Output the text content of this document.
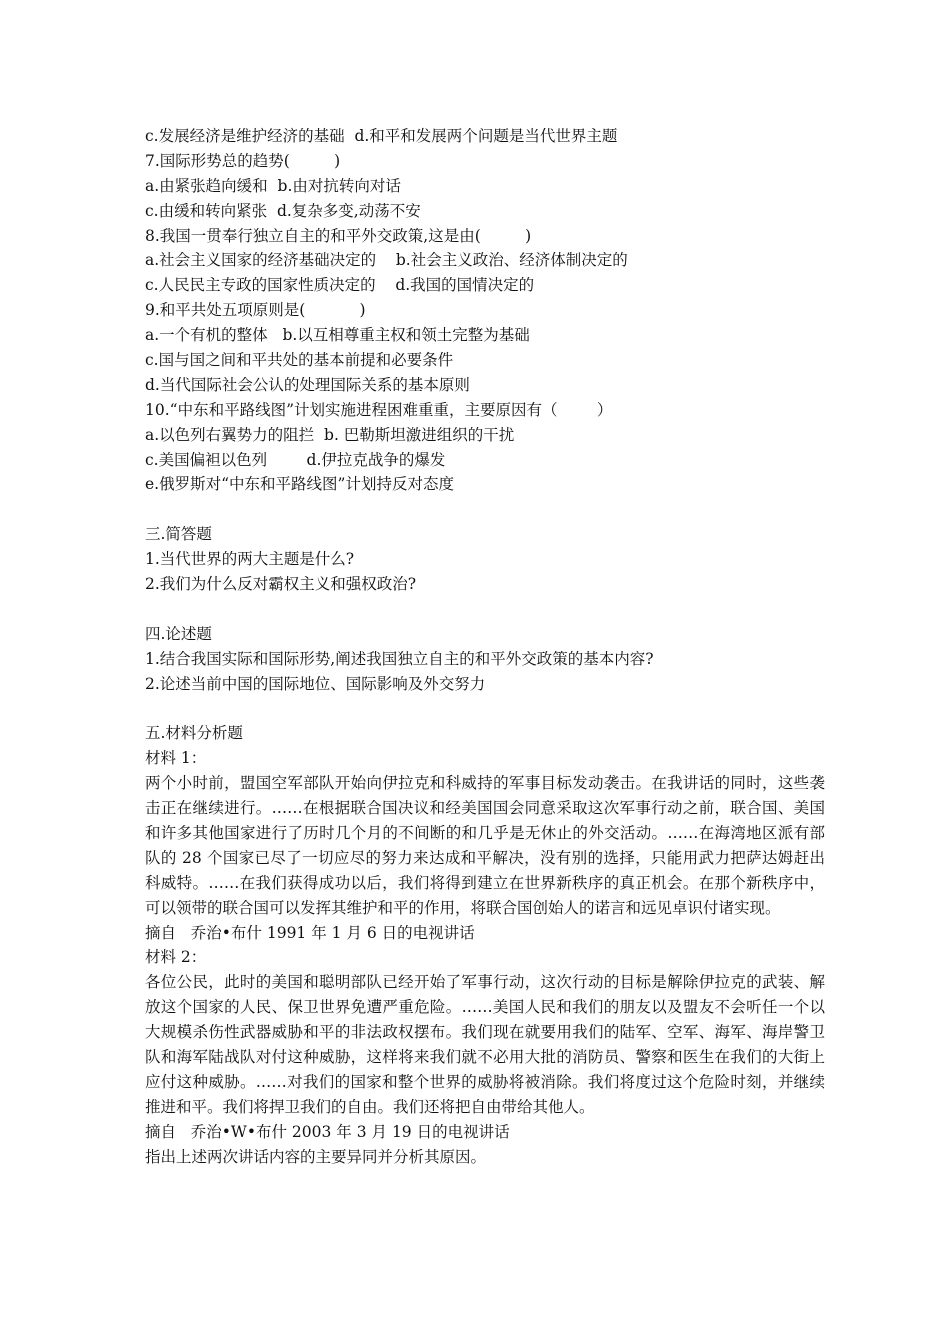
c.发展经济是维护经济的基础  d.和平和发展两个问题是当代世界主题
7.国际形势总的趋势(         )
a.由紧张趋向缓和  b.由对抗转向对话
c.由缓和转向紧张  d.复杂多变,动荡不安
8.我国一贯奉行独立自主的和平外交政策,这是由(         )
a.社会主义国家的经济基础决定的    b.社会主义政治、经济体制决定的
c.人民民主专政的国家性质决定的    d.我国的国情决定的
9.和平共处五项原则是(           )
a.一个有机的整体   b.以互相尊重主权和领土完整为基础
c.国与国之间和平共处的基本前提和必要条件
d.当代国际社会公认的处理国际关系的基本原则
10.“中东和平路线图”计划实施进程困难重重，主要原因有（        ）
a.以色列右翼势力的阻拦  b. 巴勒斯坦激进组织的干扰
c.美国偏袒以色列        d.伊拉克战争的爆发
e.俄罗斯对“中东和平路线图”计划持反对态度
三.简答题
1.当代世界的两大主题是什么?
2.我们为什么反对霸权主义和强权政治?
四.论述题
1.结合我国实际和国际形势,阐述我国独立自主的和平外交政策的基本内容?
2.论述当前中国的国际地位、国际影响及外交努力
五.材料分析题
材料 1：
两个小时前，盟国空军部队开始向伊拉克和科威持的军事目标发动袭击。在我讲话的同时，这些袭击正在继续进行。……在根据联合国决议和经美国国会同意采取这次军事行动之前，联合国、美国和许多其他国家进行了历时几个月的不间断的和几乎是无休止的外交活动。……在海湾地区派有部队的 28 个国家已尽了一切应尽的努力来达成和平解决，没有别的选择，只能用武力把萨达姆赶出科威特。……在我们获得成功以后，我们将得到建立在世界新秩序的真正机会。在那个新秩序中，可以领带的联合国可以发挥其维护和平的作用，将联合国创始人的诺言和远见卓识付诸实现。
摘自   乔治•布什 1991 年 1 月 6 日的电视讲话
材料 2：
各位公民，此时的美国和聪明部队已经开始了军事行动，这次行动的目标是解除伊拉克的武装、解放这个国家的人民、保卫世界免遭严重危险。……美国人民和我们的朋友以及盟友不会听任一个以大规模杀伤性武器威胁和平的非法政权摆布。我们现在就要用我们的陆军、空军、海军、海岸警卫队和海军陆战队对付这种威胁，这样将来我们就不必用大批的消防员、警察和医生在我们的大街上应付这种威胁。……对我们的国家和整个世界的威胁将被消除。我们将度过这个危险时刻，并继续推进和平。我们将捍卫我们的自由。我们还将把自由带给其他人。
摘自   乔治•W•布什 2003 年 3 月 19 日的电视讲话
指出上述两次讲话内容的主要异同并分析其原因。
